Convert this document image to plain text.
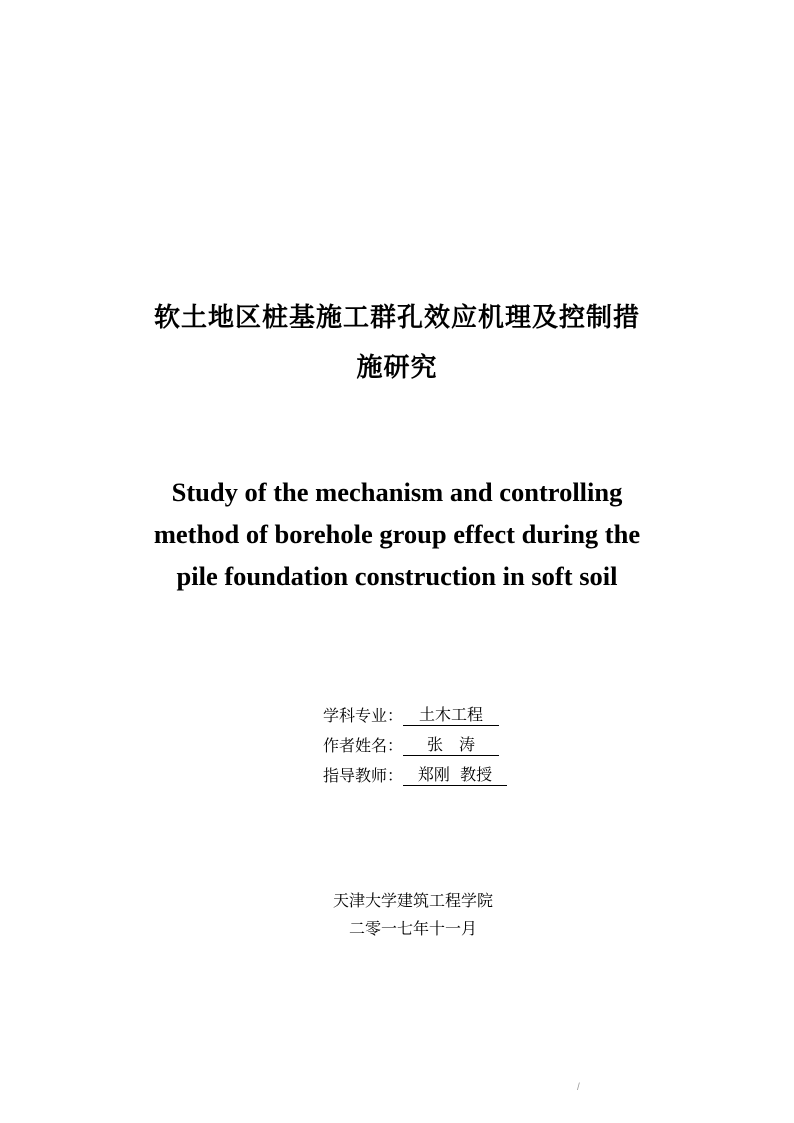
软土地区桩基施工群孔效应机理及控制措
施研究
Study of the mechanism and controlling
method of borehole group effect during the
pile foundation construction in soft soil
学科专业： 土木工程
作者姓名： 张　涛
指导教师： 郑刚  教授

天津大学建筑工程学院

二零一七年十一月

/
